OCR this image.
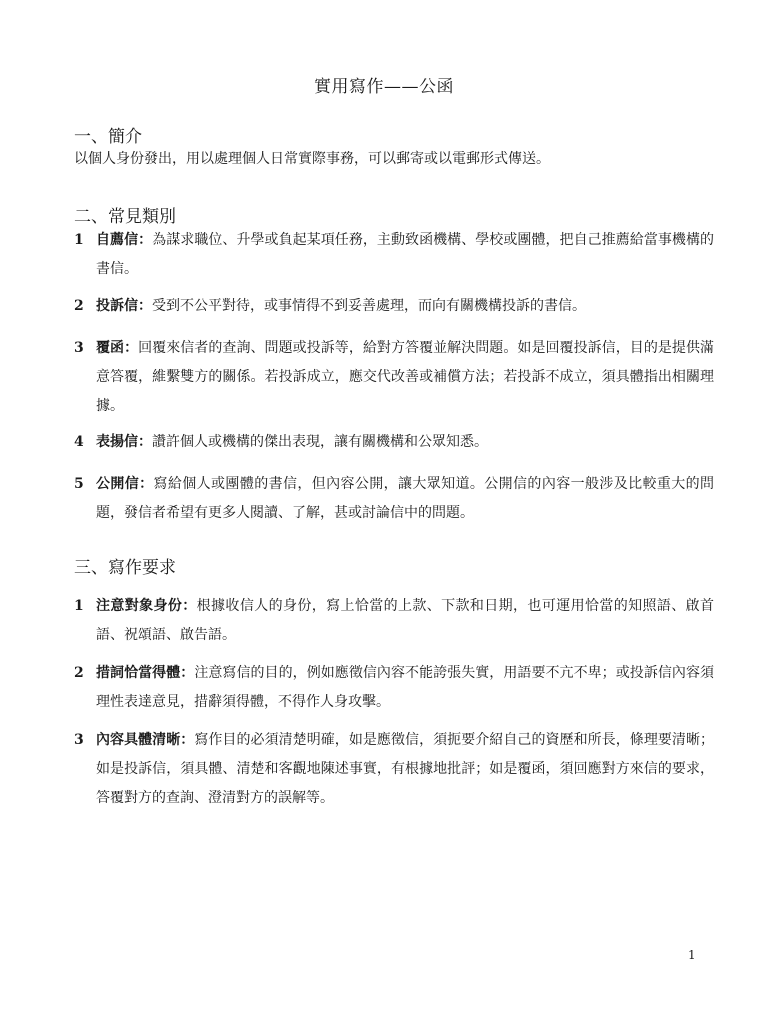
實用寫作——公函
一、簡介
以個人身份發出，用以處理個人日常實際事務，可以郵寄或以電郵形式傳送。
二、常見類別
1 自薦信：為謀求職位、升學或負起某項任務，主動致函機構、學校或團體，把自己推薦給當事機構的書信。
2 投訴信：受到不公平對待，或事情得不到妥善處理，而向有關機構投訴的書信。
3 覆函：回覆來信者的查詢、問題或投訴等，給對方答覆並解決問題。如是回覆投訴信，目的是提供滿意答覆，維繫雙方的關係。若投訴成立，應交代改善或補償方法；若投訴不成立，須具體指出相關理據。
4 表揚信：讚許個人或機構的傑出表現，讓有關機構和公眾知悉。
5 公開信：寫給個人或團體的書信，但內容公開，讓大眾知道。公開信的內容一般涉及比較重大的問題，發信者希望有更多人閱讀、了解，甚或討論信中的問題。
三、寫作要求
1 注意對象身份：根據收信人的身份，寫上恰當的上款、下款和日期，也可運用恰當的知照語、啟首語、祝頌語、啟告語。
2 措詞恰當得體：注意寫信的目的，例如應徵信內容不能誇張失實，用語要不亢不卑；或投訴信內容須理性表達意見，措辭須得體，不得作人身攻擊。
3 內容具體清晰：寫作目的必須清楚明確，如是應徵信，須扼要介紹自己的資歷和所長，條理要清晰；如是投訴信，須具體、清楚和客觀地陳述事實，有根據地批評；如是覆函，須回應對方來信的要求，答覆對方的查詢、澄清對方的誤解等。
1
